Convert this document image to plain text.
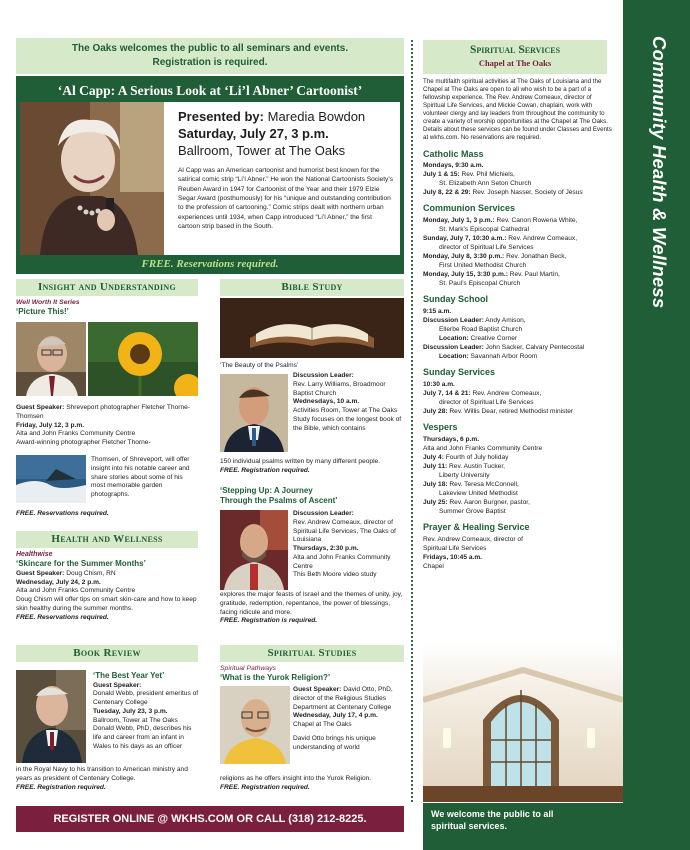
The Oaks welcomes the public to all seminars and events.
Registration is required.
‘Al Capp: A Serious Look at ‘Li’l Abner’ Cartoonist’
Presented by: Maredia Bowdon
Saturday, July 27, 3 p.m.
Ballroom, Tower at The Oaks
Al Capp was an American cartoonist and humorist best known for the satirical comic strip “Li’l Abner.” He won the National Cartoonists Society’s Reuben Award in 1947 for Cartoonist of the Year and their 1979 Elzie Segar Award (posthumously) for his “unique and outstanding contribution to the profession of cartooning.” Comic strips dealt with northern urban experiences until 1934, when Capp introduced “Li’l Abner,” the first cartoon strip based in the South.
FREE. Reservations required.
Insight and Understanding
Well Worth It Series
‘Picture This!’
Guest Speaker: Shreveport photographer Fletcher Thorne-Thomsen
Friday, July 12, 3 p.m.
Alta and John Franks Community Centre
Award-winning photographer Fletcher Thorne-
Thomsen, of Shreveport, will offer insight into his notable career and share stories about some of his most memorable garden photographs.
FREE. Reservations required.
Health and Wellness
Healthwise
‘Skincare for the Summer Months’
Guest Speaker: Doug Chism, RN
Wednesday, July 24, 2 p.m.
Alta and John Franks Community Centre
Doug Chism will offer tips on smart skin-care and how to keep skin healthy during the summer months.
FREE. Reservations required.
Book Review
‘The Best Year Yet’
Guest Speaker:
Donald Webb, president emeritus of Centenary College
Tuesday, July 23, 3 p.m.
Ballroom, Tower at The Oaks
Donald Webb, PhD, describes his life and career from an infant in Wales to his days as an officer
in the Royal Navy to his transition to American ministry and years as president of Centenary College.
FREE. Registration required.
Bible Study
‘The Beauty of the Psalms’
Discussion Leader:
Rev. Larry Williams, Broadmoor Baptist Church
Wednesdays, 10 a.m.
Activities Room, Tower at The Oaks
Study focuses on the longest book of the Bible, which contains
150 individual psalms written by many different people.
FREE. Registration required.
‘Stepping Up: A Journey
Through the Psalms of Ascent’
Discussion Leader:
Rev. Andrew Comeaux, director of Spiritual Life Services, The Oaks of Louisiana
Thursdays, 2:30 p.m.
Alta and John Franks Community Centre
This Beth Moore video study
explores the major feasts of Israel and the themes of unity, joy, gratitude, redemption, repentance, the power of blessings, facing ridicule and more.
FREE. Registration is required.
Spiritual Studies
Spiritual Pathways
‘What is the Yurok Religion?’
Guest Speaker: David Otto, PhD, director of the Religious Studies Department at Centenary College
Wednesday, July 17, 4 p.m.
Chapel at The Oaks
David Otto brings his unique understanding of world
religions as he offers insight into the Yurok Religion.
FREE. Registration required.
REGISTER ONLINE @ WKHS.COM OR CALL (318) 212-8225.
Spiritual Services
Chapel at The Oaks
The multifaith spiritual activities at The Oaks of Louisiana and the Chapel at The Oaks are open to all who wish to be a part of a fellowship experience. The Rev. Andrew Comeaux, director of Spiritual Life Services, and Mickie Cowan, chaplain, work with volunteer clergy and lay leaders from throughout the community to create a variety of worship opportunities at the Chapel at The Oaks. Details about these services can be found under Classes and Events at wkhs.com. No reservations are required.
Catholic Mass
Mondays, 9:30 a.m.
July 1 & 15: Rev. Phil Michiels,
St. Elizabeth Ann Seton Church
July 8, 22 & 29: Rev. Joseph Nasser, Society of Jesus
Communion Services
Monday, July 1, 3 p.m.: Rev. Canon Rowena White,
St. Mark’s Episcopal Cathedral
Sunday, July 7, 10:30 a.m.: Rev. Andrew Comeaux,
director of Spiritual Life Services
Monday, July 8, 3:30 p.m.: Rev. Jonathan Beck,
First United Methodist Church
Monday, July 15, 3:30 p.m.: Rev. Paul Martin,
St. Paul’s Episcopal Church
Sunday School
9:15 a.m.
Discussion Leader: Andy Amison,
Ellerbe Road Baptist Church
Location: Creative Corner
Discussion Leader: John Sacker, Calvary Pentecostal
Location: Savannah Arbor Room
Sunday Services
10:30 a.m.
July 7, 14 & 21: Rev. Andrew Comeaux,
director of Spiritual Life Services
July 28: Rev. Willis Dear, retired Methodist minister
Vespers
Thursdays, 6 p.m.
Alta and John Franks Community Centre
July 4: Fourth of July holiday
July 11: Rev. Austin Tucker,
Liberty University
July 18: Rev. Teresa McConnell,
Lakeview United Methodist
July 25: Rev. Aaron Burgner, pastor,
Summer Grove Baptist
Prayer & Healing Service
Rev. Andrew Comeaux, director of
Spiritual Life Services
Fridays, 10:45 a.m.
Chapel
We welcome the public to all
spiritual services.
Community Health & Wellness
